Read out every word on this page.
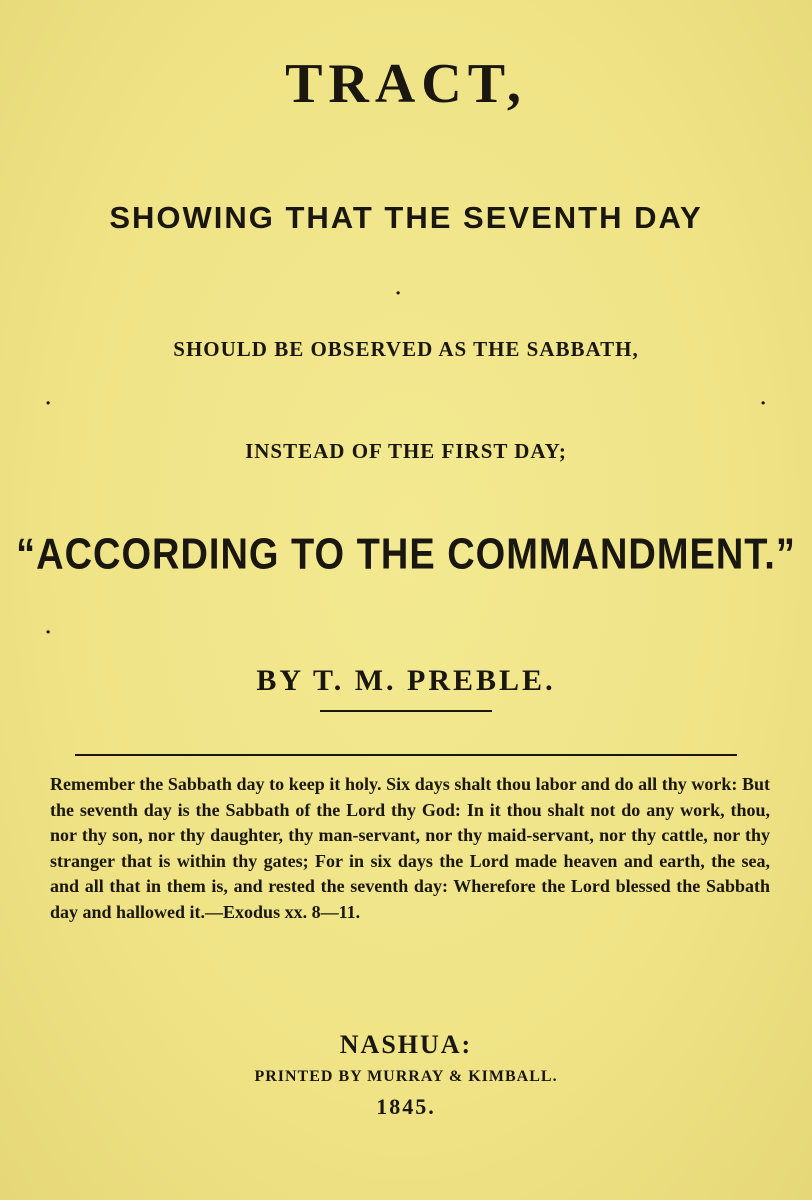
TRACT,
SHOWING THAT THE SEVENTH DAY
·
SHOULD BE OBSERVED AS THE SABBATH,
·	·
INSTEAD OF THE FIRST DAY;
“ACCORDING TO THE COMMANDMENT.”
·
BY T. M. PREBLE.
Remember the Sabbath day to keep it holy. Six days shalt thou labor and do all thy work: But the seventh day is the Sabbath of the Lord thy God: In it thou shalt not do any work, thou, nor thy son, nor thy daughter, thy man-servant, nor thy maid-servant, nor thy cattle, nor thy stranger that is within thy gates; For in six days the Lord made heaven and earth, the sea, and all that in them is, and rested the seventh day: Wherefore the Lord blessed the Sabbath day and hallowed it.—Exodus xx. 8—11.
NASHUA:
PRINTED BY MURRAY & KIMBALL.
1845.
